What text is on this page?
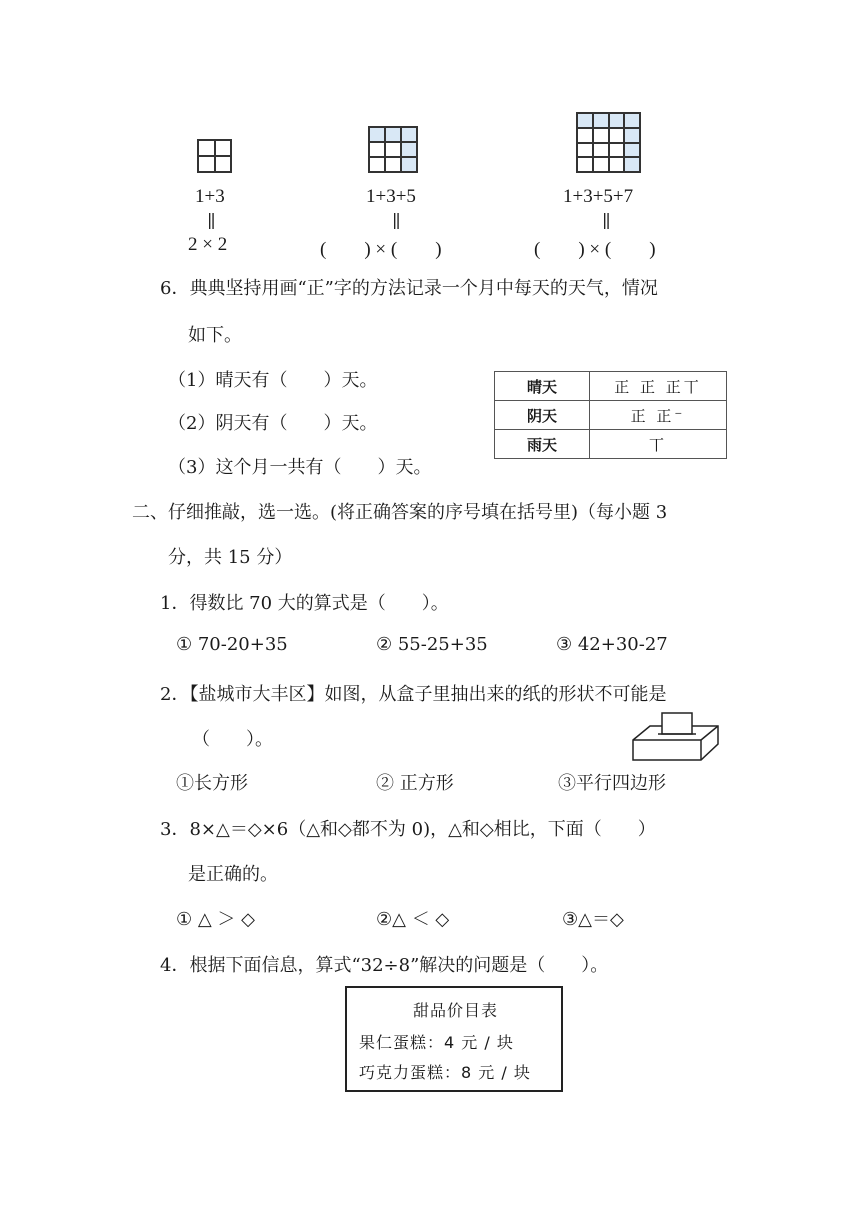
1+3
||
2 × 2
1+3+5
||
(　　) × (　　)
1+3+5+7
||
(　　) × (　　)
6．典典坚持用画“正”字的方法记录一个月中每天的天气，情况
如下。
（1）晴天有（　　）天。
（2）阴天有（　　）天。
（3）这个月一共有（　　）天。
晴天	正 正 正丅
阴天	正 正⁻
雨天	丅
二、仔细推敲，选一选。(将正确答案的序号填在括号里)（每小题 3
分，共 15 分）
1．得数比 70 大的算式是（　　）。
① 70-20+35	② 55-25+35	③ 42+30-27
2．【盐城市大丰区】如图，从盒子里抽出来的纸的形状不可能是
（　　）。
①长方形	② 正方形	③平行四边形
3．8×△＝◇×6（△和◇都不为 0)，△和◇相比，下面（　　）
是正确的。
① △ ＞ ◇	②△ ＜ ◇	③△＝◇
4．根据下面信息，算式“32÷8”解决的问题是（　　）。
甜品价目表
果仁蛋糕：4 元 / 块
巧克力蛋糕：8 元 / 块
